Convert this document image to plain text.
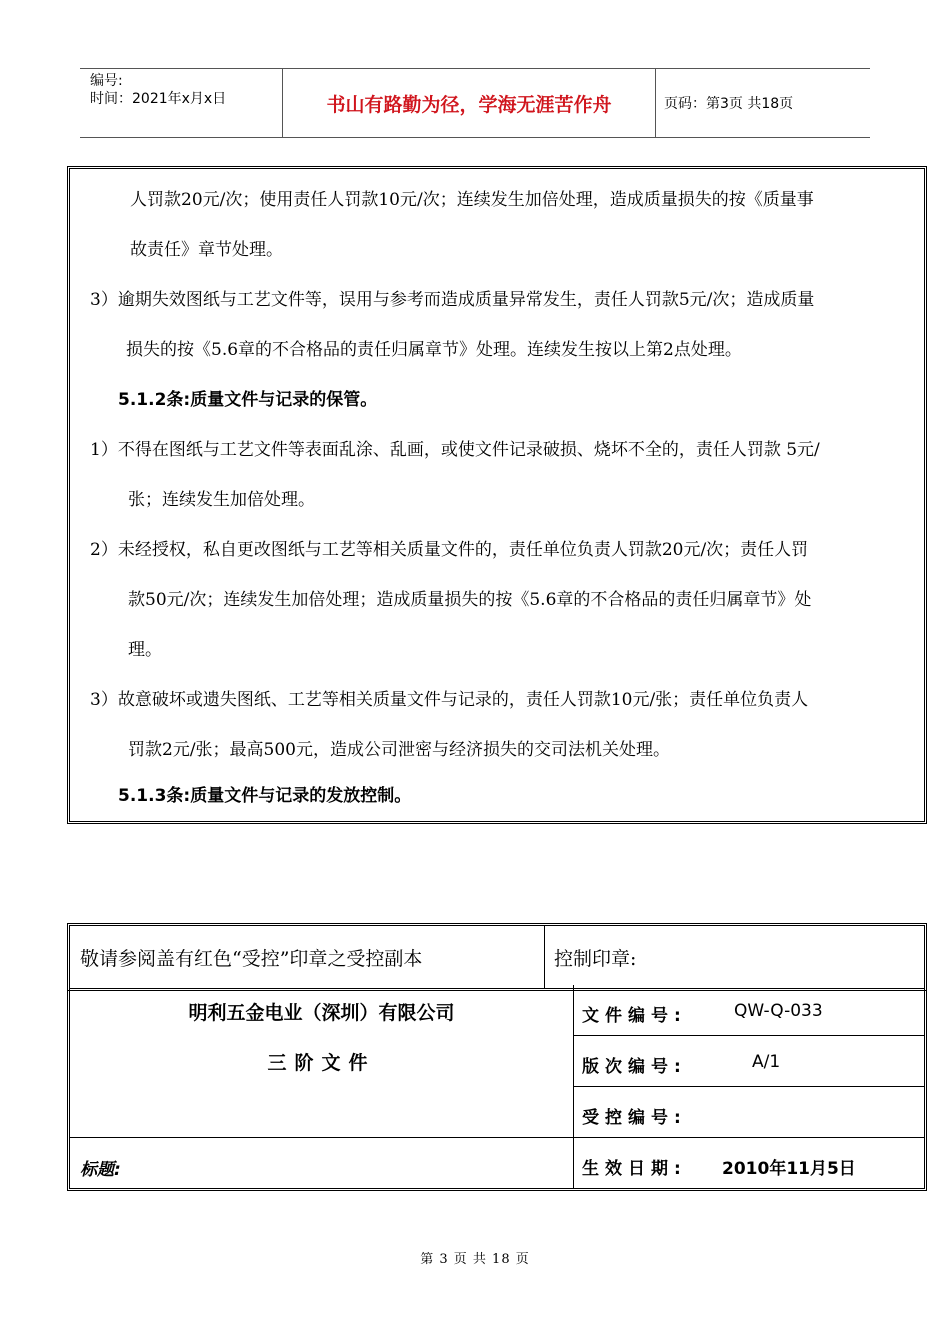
编号:
时间：2021年x月x日	书山有路勤为径，学海无涯苦作舟	页码：第3页 共18页
人罚款20元/次；使用责任人罚款10元/次；连续发生加倍处理，造成质量损失的按《质量事
故责任》章节处理。
3）逾期失效图纸与工艺文件等，误用与参考而造成质量异常发生，责任人罚款5元/次；造成质量
损失的按《5.6章的不合格品的责任归属章节》处理。连续发生按以上第2点处理。
5.1.2条:质量文件与记录的保管。
1）不得在图纸与工艺文件等表面乱涂、乱画，或使文件记录破损、烧坏不全的，责任人罚款 5元/
张；连续发生加倍处理。
2）未经授权，私自更改图纸与工艺等相关质量文件的，责任单位负责人罚款20元/次；责任人罚
款50元/次；连续发生加倍处理；造成质量损失的按《5.6章的不合格品的责任归属章节》处
理。
3）故意破坏或遗失图纸、工艺等相关质量文件与记录的，责任人罚款10元/张；责任单位负责人
罚款2元/张；最高500元，造成公司泄密与经济损失的交司法机关处理。
5.1.3条:质量文件与记录的发放控制。
敬请参阅盖有红色“受控”印章之受控副本	控制印章:
明利五金电业（深圳）有限公司
三阶文件
标题:
文件编号:	QW-Q-033
版次编号:	A/1
受控编号:
生效日期: 2010年11月5日
第 3 页 共 18 页
